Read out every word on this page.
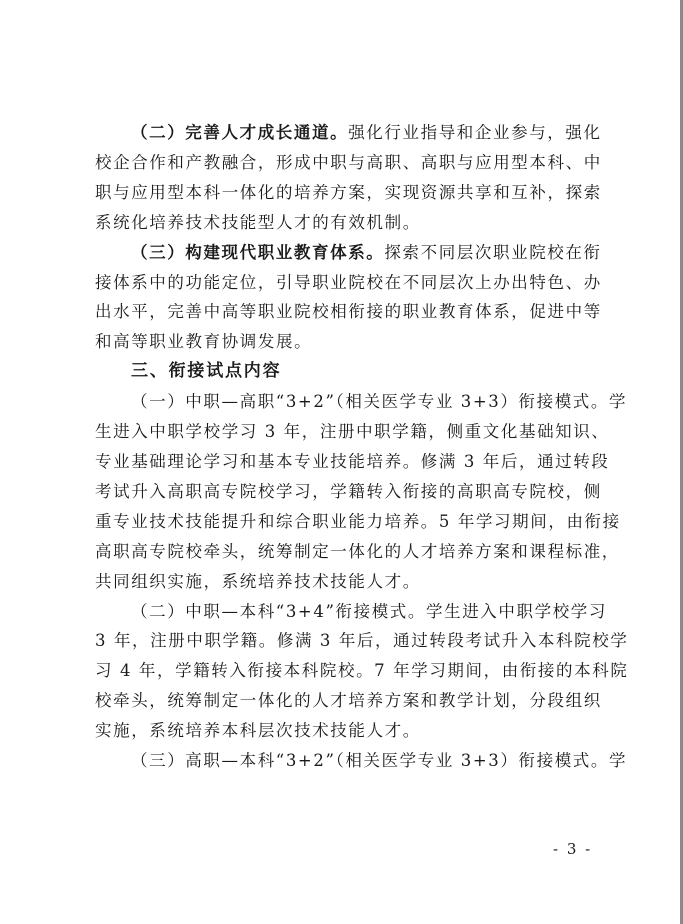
（二）完善人才成长通道。强化行业指导和企业参与，强化
校企合作和产教融合，形成中职与高职、高职与应用型本科、中
职与应用型本科一体化的培养方案，实现资源共享和互补，探索
系统化培养技术技能型人才的有效机制。
（三）构建现代职业教育体系。探索不同层次职业院校在衔
接体系中的功能定位，引导职业院校在不同层次上办出特色、办
出水平，完善中高等职业院校相衔接的职业教育体系，促进中等
和高等职业教育协调发展。
三、衔接试点内容
（一）中职—高职“3+2”（相关医学专业 3+3）衔接模式。学
生进入中职学校学习 3 年，注册中职学籍，侧重文化基础知识、
专业基础理论学习和基本专业技能培养。修满 3 年后，通过转段
考试升入高职高专院校学习，学籍转入衔接的高职高专院校，侧
重专业技术技能提升和综合职业能力培养。5 年学习期间，由衔接
高职高专院校牵头，统筹制定一体化的人才培养方案和课程标准，
共同组织实施，系统培养技术技能人才。
（二）中职—本科“3+4”衔接模式。学生进入中职学校学习
3 年，注册中职学籍。修满 3 年后，通过转段考试升入本科院校学
习 4 年，学籍转入衔接本科院校。7 年学习期间，由衔接的本科院
校牵头，统筹制定一体化的人才培养方案和教学计划，分段组织
实施，系统培养本科层次技术技能人才。
（三）高职—本科“3+2”（相关医学专业 3+3）衔接模式。学
- 3 -
